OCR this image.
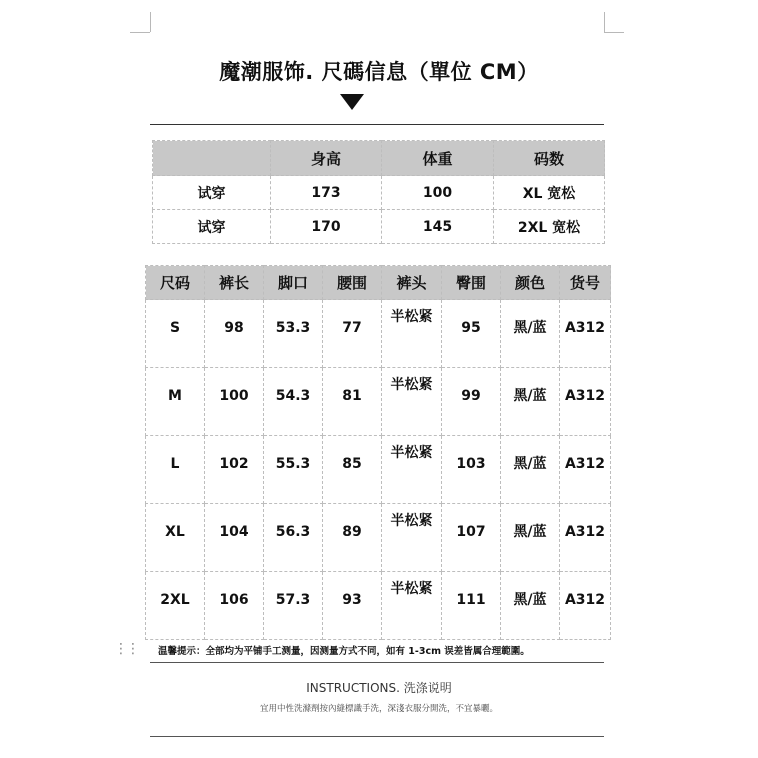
魔潮服饰. 尺碼信息（單位 CM）
	身高	体重	码数
试穿	173	100	XL 宽松
试穿	170	145	2XL 宽松
尺码	裤长	脚口	腰围	裤头	臀围	颜色	货号
S	98	53.3	77	半松紧	95	黑/蓝	A312
M	100	54.3	81	半松紧	99	黑/蓝	A312
L	102	55.3	85	半松紧	103	黑/蓝	A312
XL	104	56.3	89	半松紧	107	黑/蓝	A312
2XL	106	57.3	93	半松紧	111	黑/蓝	A312
⋮⋮ 温馨提示：全部均为平铺手工测量，因测量方式不同，如有 1-3cm 误差皆属合理範圍。
INSTRUCTIONS. 洗涤说明
宜用中性洗滌劑按內縫標識手洗，深淺衣服分開洗，不宜暴曬。
